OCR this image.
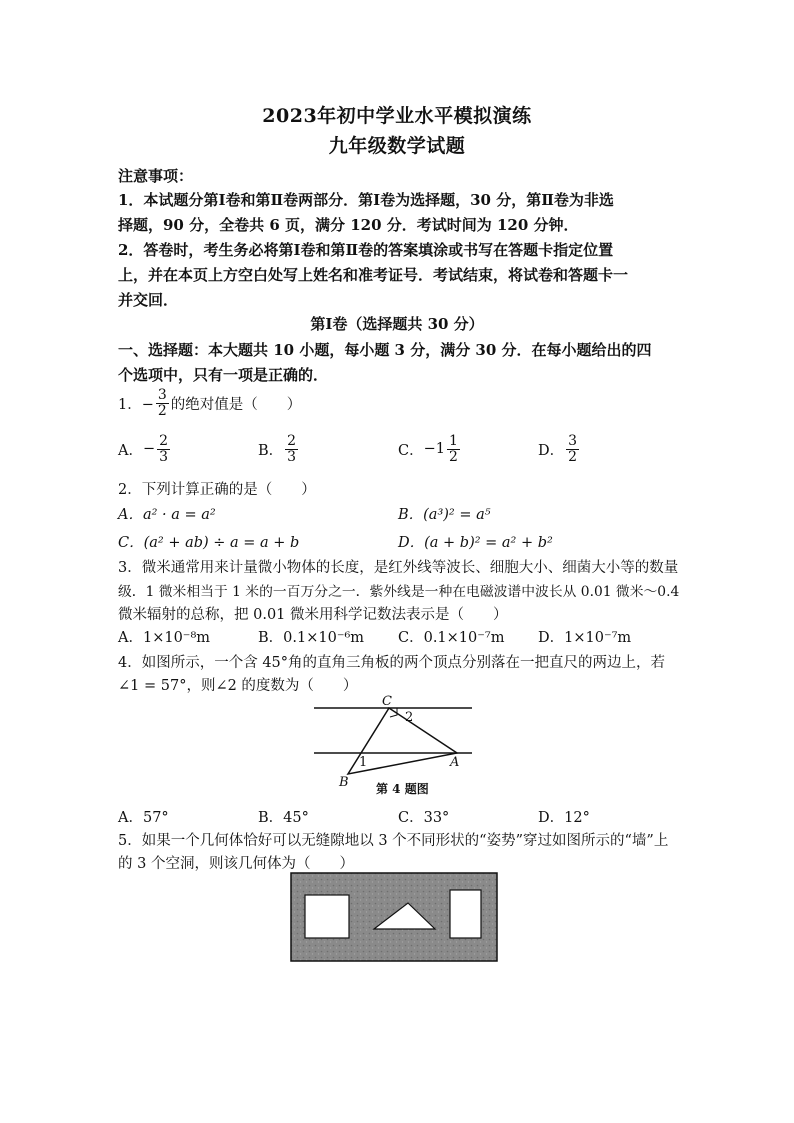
2023年初中学业水平模拟演练
九年级数学试题
注意事项：
1．本试题分第Ⅰ卷和第Ⅱ卷两部分．第Ⅰ卷为选择题，30 分，第Ⅱ卷为非选
择题，90 分，全卷共 6 页，满分 120 分．考试时间为 120 分钟．
2．答卷时，考生务必将第Ⅰ卷和第Ⅱ卷的答案填涂或书写在答题卡指定位置
上，并在本页上方空白处写上姓名和准考证号．考试结束，将试卷和答题卡一
并交回．
第Ⅰ卷（选择题共 30 分）
一、选择题：本大题共 10 小题，每小题 3 分，满分 30 分．在每小题给出的四
个选项中，只有一项是正确的．
1．− $\frac{3}{2}$ 的绝对值是（　　）
A． − $\frac{2}{3}$	B． $\frac{2}{3}$	C． $-1 \frac{1}{2}$	D． $\frac{3}{2}$
2．下列计算正确的是（　　）
A．a² · a = a²	B．(a³)² = a⁵
C．(a² + ab) ÷ a = a + b	D．(a + b)² = a² + b²
3．微米通常用来计量微小物体的长度，是红外线等波长、细胞大小、细菌大小等的数量
级．1 微米相当于 1 米的一百万分之一．紫外线是一种在电磁波谱中波长从 0.01 微米～0.4
微米辐射的总称，把 0.01 微米用科学记数法表示是（　　）
A．1×10⁻⁸m	B．0.1×10⁻⁶m C．0.1×10⁻⁷m D．1×10⁻⁷m
4．如图所示，一个含 45°角的直角三角板的两个顶点分别落在一把直尺的两边上，若
∠1 = 57°，则∠2 的度数为（　　）
C
2
1
B
A
第 4 题图
A．57°	B．45°	C．33°	D．12°
5．如果一个几何体恰好可以无缝隙地以 3 个不同形状的“姿势”穿过如图所示的“墙”上
的 3 个空洞，则该几何体为（　　）
